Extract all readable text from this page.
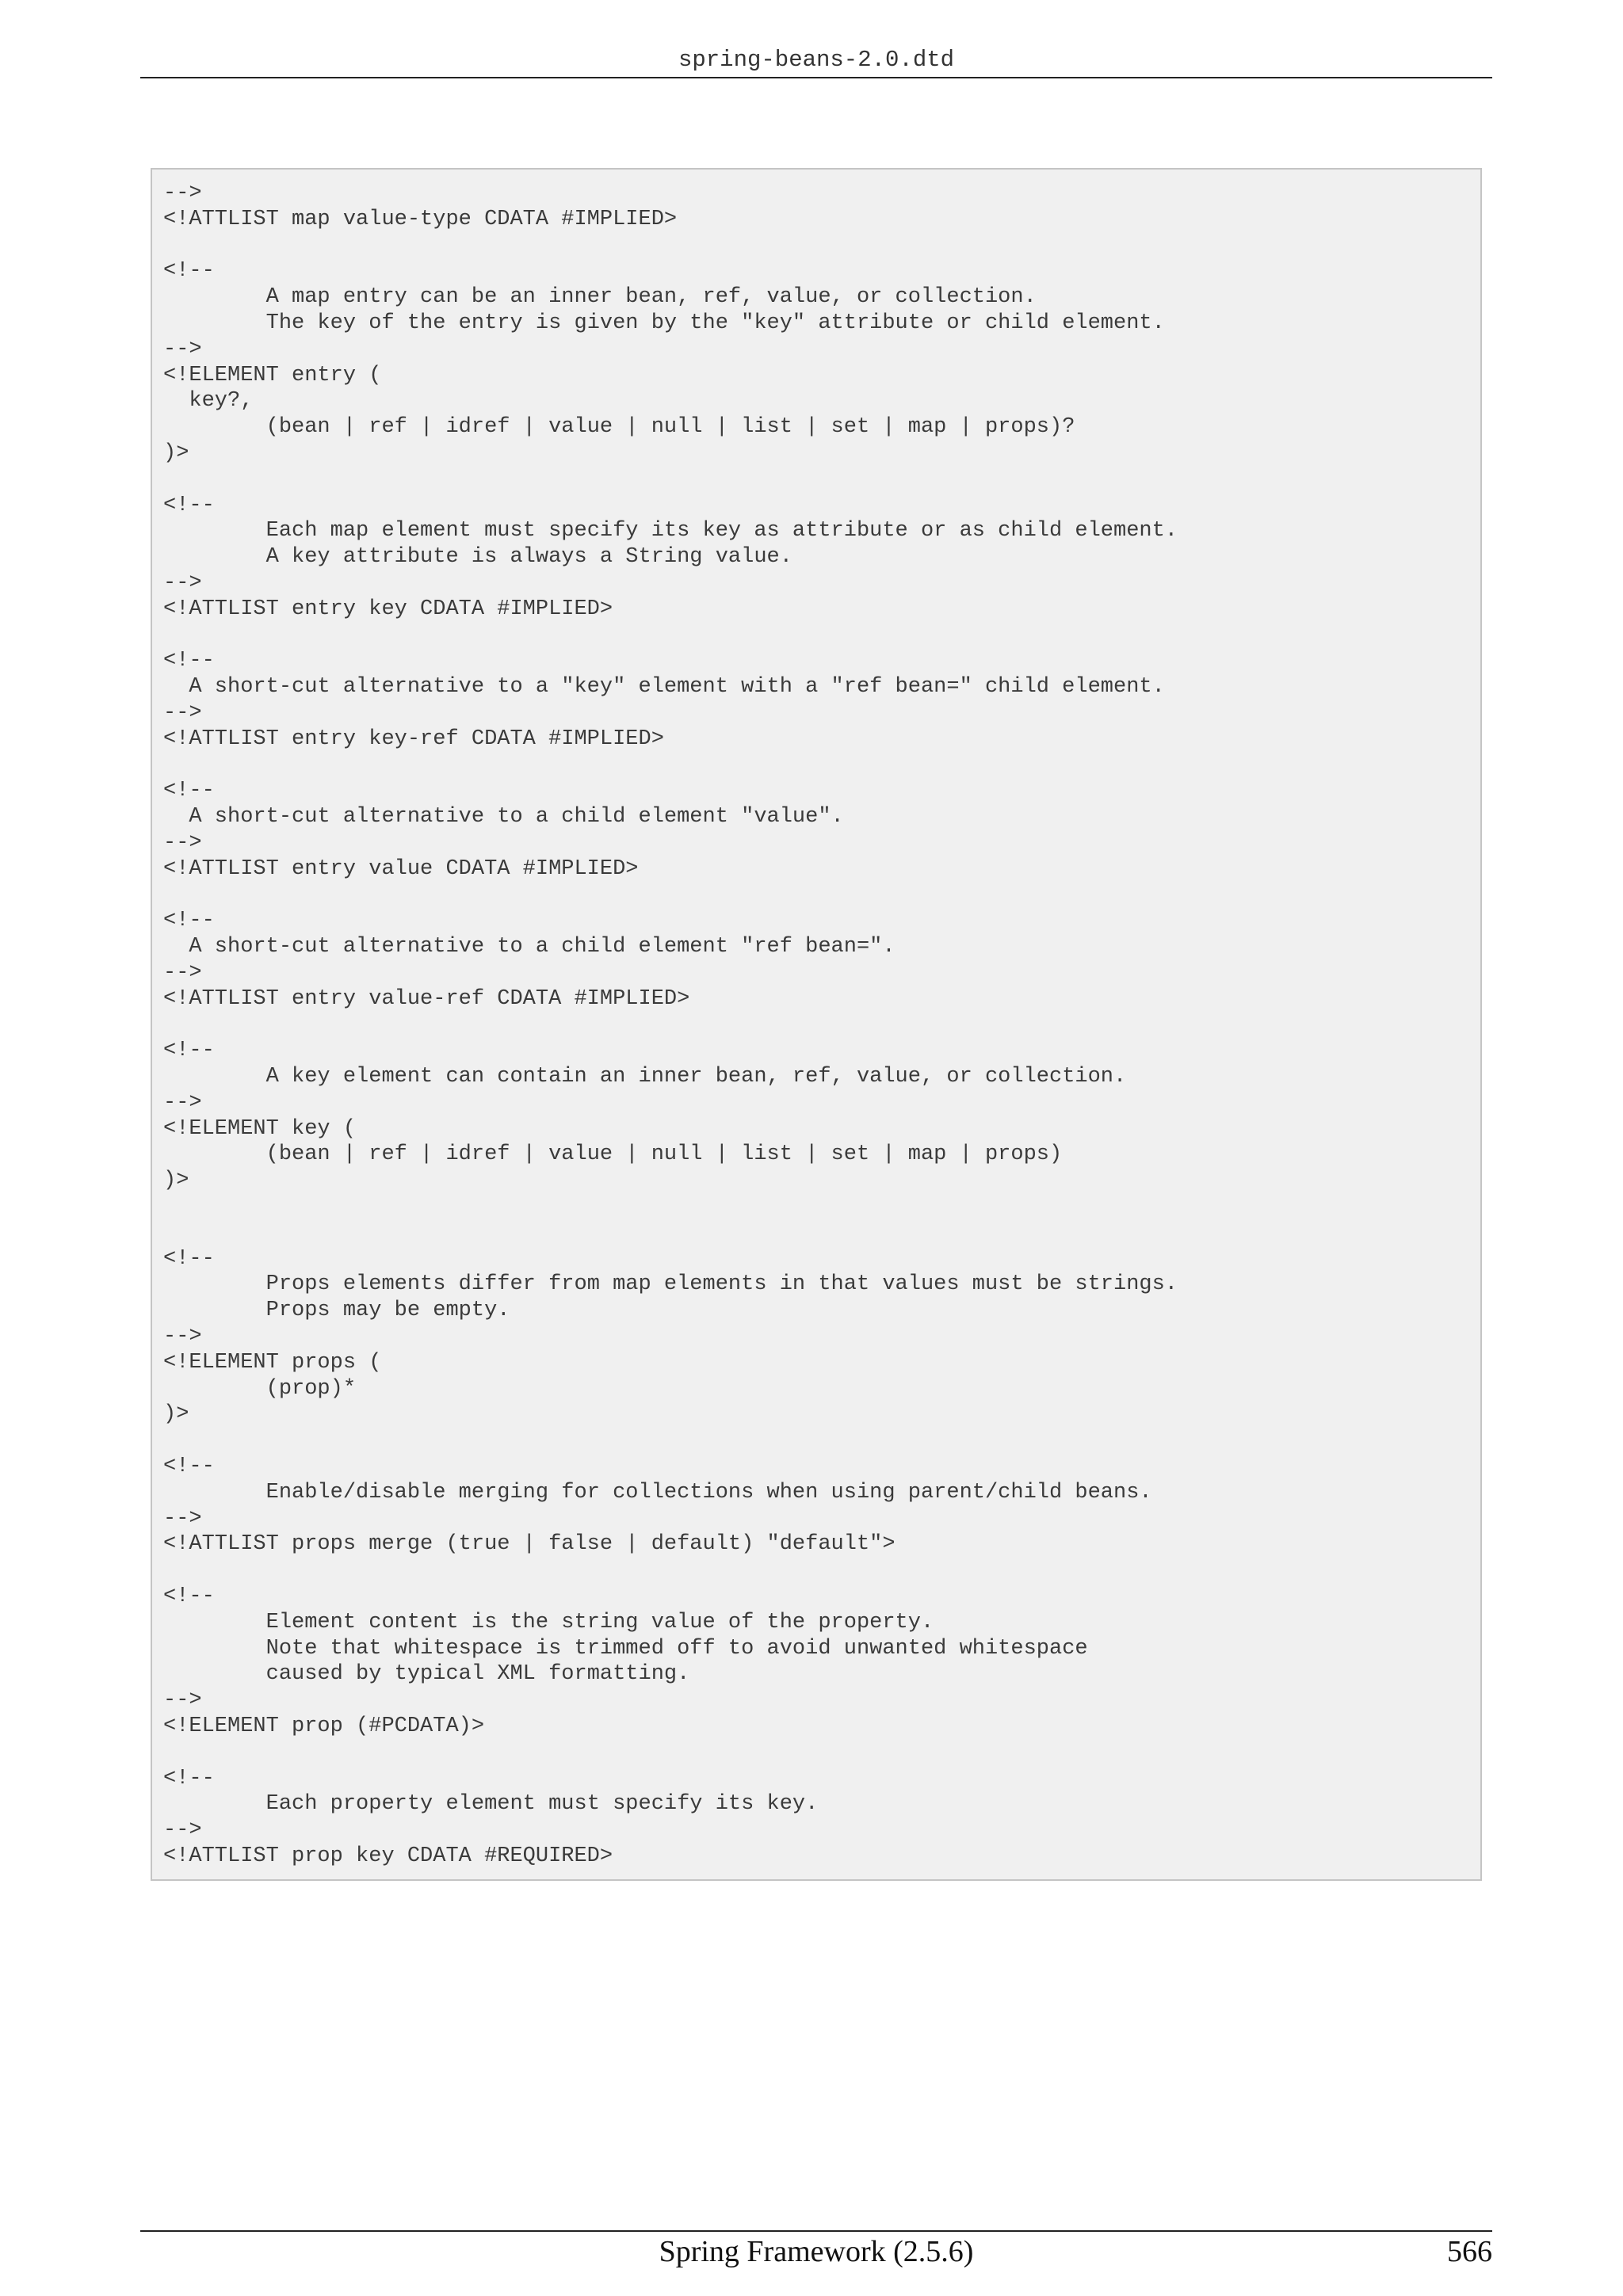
spring-beans-2.0.dtd
-->
<!ATTLIST map value-type CDATA #IMPLIED>

<!--
	A map entry can be an inner bean, ref, value, or collection.
	The key of the entry is given by the "key" attribute or child element.
-->
<!ELEMENT entry (
key?,
	(bean | ref | idref | value | null | list | set | map | props)?
)>

<!--
	Each map element must specify its key as attribute or as child element.
	A key attribute is always a String value.
-->
<!ATTLIST entry key CDATA #IMPLIED>

<!--
A short-cut alternative to a "key" element with a "ref bean=" child element.
-->
<!ATTLIST entry key-ref CDATA #IMPLIED>

<!--
A short-cut alternative to a child element "value".
-->
<!ATTLIST entry value CDATA #IMPLIED>

<!--
A short-cut alternative to a child element "ref bean=".
-->
<!ATTLIST entry value-ref CDATA #IMPLIED>

<!--
	A key element can contain an inner bean, ref, value, or collection.
-->
<!ELEMENT key (
	(bean | ref | idref | value | null | list | set | map | props)
)>

<!--
	Props elements differ from map elements in that values must be strings.
	Props may be empty.
-->
<!ELEMENT props (
	(prop)*
)>

<!--
	Enable/disable merging for collections when using parent/child beans.
-->
<!ATTLIST props merge (true | false | default) "default">

<!--
	Element content is the string value of the property.
	Note that whitespace is trimmed off to avoid unwanted whitespace
	caused by typical XML formatting.
-->
<!ELEMENT prop (#PCDATA)>

<!--
	Each property element must specify its key.
-->
<!ATTLIST prop key CDATA #REQUIRED>

Spring Framework (2.5.6)	566
